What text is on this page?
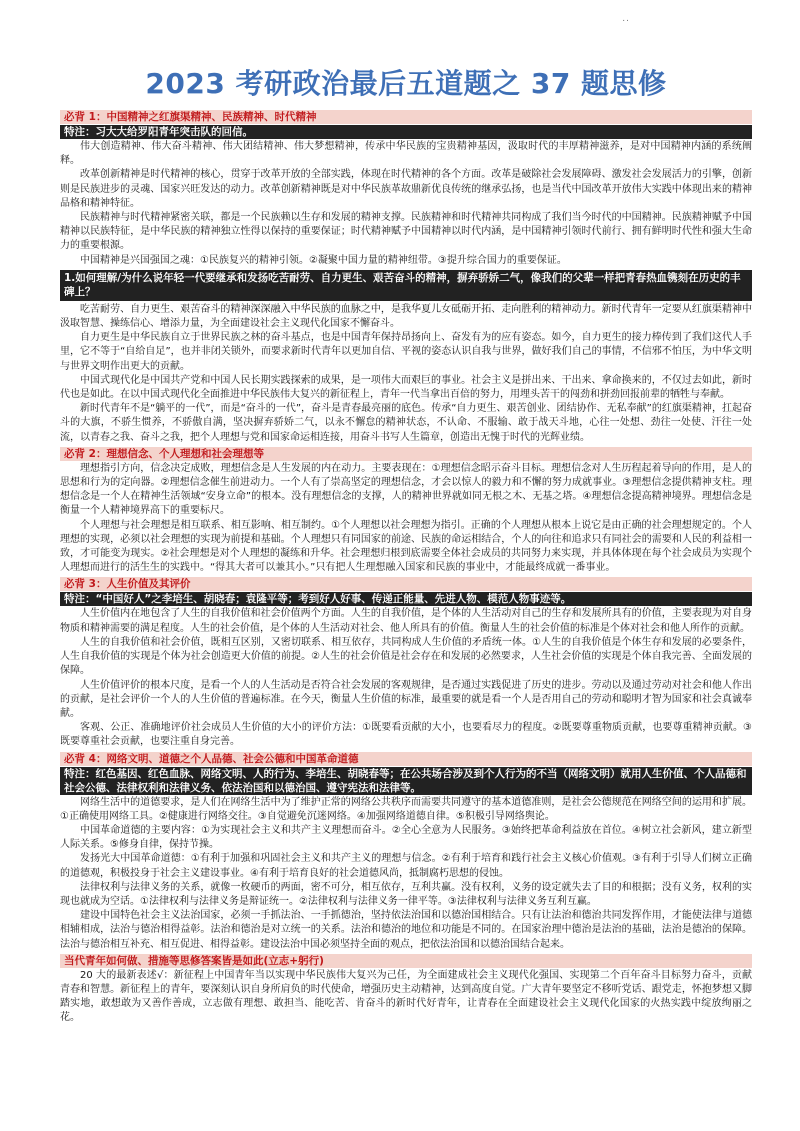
..
2023 考研政治最后五道题之 37 题思修
必背 1：中国精神之红旗渠精神、民族精神、时代精神
特注：习大大给罗阳青年突击队的回信。

伟大创造精神、伟大奋斗精神、伟大团结精神、伟大梦想精神，传承中华民族的宝贵精神基因，汲取时代的丰厚精神滋养，是对中国精神内涵的系统阐释。

改革创新精神是时代精神的核心，贯穿于改革开放的全部实践，体现在时代精神的各个方面。改革是破除社会发展障碍、激发社会发展活力的引擎，创新则是民族进步的灵魂、国家兴旺发达的动力。改革创新精神既是对中华民族革故鼎新优良传统的继承弘扬，也是当代中国改革开放伟大实践中体现出来的精神品格和精神特征。

民族精神与时代精神紧密关联，都是一个民族赖以生存和发展的精神支撑。民族精神和时代精神共同构成了我们当今时代的中国精神。民族精神赋予中国精神以民族特征，是中华民族的精神独立性得以保持的重要保证；时代精神赋予中国精神以时代内涵，是中国精神引领时代前行、拥有鲜明时代性和强大生命力的重要根源。

中国精神是兴国强国之魂：①民族复兴的精神引领。②凝聚中国力量的精神纽带。③提升综合国力的重要保证。

1.如何理解/为什么说年轻一代要继承和发扬吃苦耐劳、自力更生、艰苦奋斗的精神，摒弃骄娇二气，像我们的父辈一样把青春热血镌刻在历史的丰碑上？

吃苦耐劳、自力更生、艰苦奋斗的精神深深融入中华民族的血脉之中，是我华夏儿女砥砺开拓、走向胜利的精神动力。新时代青年一定要从红旗渠精神中汲取智慧、操练信心、增添力量，为全面建设社会主义现代化国家不懈奋斗。

自力更生是中华民族自立于世界民族之林的奋斗基点，也是中国青年保持昂扬向上、奋发有为的应有姿态。如今，自力更生的接力棒传到了我们这代人手里，它不等于“自给自足”，也并非闭关锁外，而要求新时代青年以更加自信、平视的姿态认识自我与世界，做好我们自己的事情，不信邪不怕压，为中华文明与世界文明作出更大的贡献。

中国式现代化是中国共产党和中国人民长期实践探索的成果，是一项伟大而艰巨的事业。社会主义是拼出来、干出来、拿命换来的，不仅过去如此，新时代也是如此。在以中国式现代化全面推进中华民族伟大复兴的新征程上，青年一代当拿出百倍的努力，用埋头苦干的闯劲和拼劲回报前辈的牺牲与奉献。

新时代青年不是“躺平的一代”，而是“奋斗的一代”，奋斗是青春最亮丽的底色。传承“自力更生、艰苦创业、团结协作、无私奉献”的红旗渠精神，扛起奋斗的大旗，不骄生惯养，不骄傲自满，坚决摒弃骄娇二气，以永不懈怠的精神状态，不认命、不服输、敢于战天斗地，心往一处想、劲往一处使、汗往一处流，以青春之我、奋斗之我，把个人理想与党和国家命运相连接，用奋斗书写人生篇章，创造出无愧于时代的光辉业绩。

必背 2：理想信念、个人理想和社会理想等

理想指引方向，信念决定成败，理想信念是人生发展的内在动力。主要表现在：①理想信念昭示奋斗目标。理想信念对人生历程起着导向的作用，是人的思想和行为的定向器。②理想信念催生前进动力。一个人有了崇高坚定的理想信念，才会以惊人的毅力和不懈的努力成就事业。③理想信念提供精神支柱。理想信念是一个人在精神生活领域“安身立命”的根本。没有理想信念的支撑，人的精神世界就如同无根之木、无基之塔。④理想信念提高精神境界。理想信念是衡量一个人精神境界高下的重要标尺。

个人理想与社会理想是相互联系、相互影响、相互制约。①个人理想以社会理想为指引。正确的个人理想从根本上说它是由正确的社会理想规定的。个人理想的实现，必须以社会理想的实现为前提和基础。个人理想只有同国家的前途、民族的命运相结合，个人的向往和追求只有同社会的需要和人民的利益相一致，才可能变为现实。②社会理想是对个人理想的凝练和升华。社会理想归根到底需要全体社会成员的共同努力来实现，并具体体现在每个社会成员为实现个人理想而进行的活生生的实践中。“得其大者可以兼其小。”只有把人生理想融入国家和民族的事业中，才能最终成就一番事业。

必背 3：人生价值及其评价
特注：“中国好人”之李培生、胡晓春；袁隆平等；考到好人好事、传递正能量、先进人物、模范人物事迹等。

人生价值内在地包含了人生的自我价值和社会价值两个方面。人生的自我价值，是个体的人生活动对自己的生存和发展所具有的价值，主要表现为对自身物质和精神需要的满足程度。人生的社会价值，是个体的人生活动对社会、他人所具有的价值。衡量人生的社会价值的标准是个体对社会和他人所作的贡献。

人生的自我价值和社会价值，既相互区别，又密切联系、相互依存，共同构成人生价值的矛盾统一体。①人生的自我价值是个体生存和发展的必要条件，人生自我价值的实现是个体为社会创造更大价值的前提。②人生的社会价值是社会存在和发展的必然要求，人生社会价值的实现是个体自我完善、全面发展的保障。

人生价值评价的根本尺度，是看一个人的人生活动是否符合社会发展的客观规律，是否通过实践促进了历史的进步。劳动以及通过劳动对社会和他人作出的贡献，是社会评价一个人的人生价值的普遍标准。在今天，衡量人生价值的标准，最重要的就是看一个人是否用自己的劳动和聪明才智为国家和社会真诚奉献。

客观、公正、准确地评价社会成员人生价值的大小的评价方法：①既要看贡献的大小，也要看尽力的程度。②既要尊重物质贡献，也要尊重精神贡献。③既要尊重社会贡献，也要注重自身完善。

必背 4：网络文明、道德之个人品德、社会公德和中国革命道德
特注：红色基因、红色血脉、网络文明、人的行为、李培生、胡晓春等；在公共场合涉及到个人行为的不当（网络文明）就用人生价值、个人品德和社会公德、法律权利和法律义务、依法治国和以德治国、遵守宪法和法律等。

网络生活中的道德要求，是人们在网络生活中为了维护正常的网络公共秩序而需要共同遵守的基本道德准则，是社会公德规范在网络空间的运用和扩展。①正确使用网络工具。②健康进行网络交往。③自觉避免沉迷网络。④加强网络道德自律。⑤积极引导网络舆论。

中国革命道德的主要内容：①为实现社会主义和共产主义理想而奋斗。②全心全意为人民服务。③始终把革命利益放在首位。④树立社会新风，建立新型人际关系。⑤修身自律，保持节操。

发扬光大中国革命道德：①有利于加强和巩固社会主义和共产主义的理想与信念。②有利于培育和践行社会主义核心价值观。③有利于引导人们树立正确的道德观，积极投身于社会主义建设事业。④有利于培育良好的社会道德风尚，抵制腐朽思想的侵蚀。

法律权利与法律义务的关系，就像一枚硬币的两面，密不可分，相互依存，互利共赢。没有权利，义务的设定就失去了目的和根据；没有义务，权利的实现也就成为空话。①法律权利与法律义务是辩证统一。②法律权利与法律义务一律平等。③法律权利与法律义务互利互赢。

建设中国特色社会主义法治国家，必须一手抓法治、一手抓德治，坚持依法治国和以德治国相结合。只有让法治和德治共同发挥作用，才能使法律与道德相辅相成，法治与德治相得益彰。法治和德治是对立统一的关系。法治和德治的地位和功能是不同的。在国家治理中德治是法治的基础，法治是德治的保障。法治与德治相互补充、相互促进、相得益彰。建设法治中国必须坚持全面的观点，把依法治国和以德治国结合起来。

当代青年如何做、措施等思修答案皆是如此(立志+躬行)

20 大的最新表述√：新征程上中国青年当以实现中华民族伟大复兴为己任，为全面建成社会主义现代化强国、实现第二个百年奋斗目标努力奋斗，贡献青春和智慧。新征程上的青年，要深刻认识自身所肩负的时代使命，增强历史主动精神，达到高度自觉。广大青年要坚定不移听党话、跟党走，怀抱梦想又脚踏实地，敢想敢为又善作善成，立志做有理想、敢担当、能吃苦、肯奋斗的新时代好青年，让青春在全面建设社会主义现代化国家的火热实践中绽放绚丽之花。
